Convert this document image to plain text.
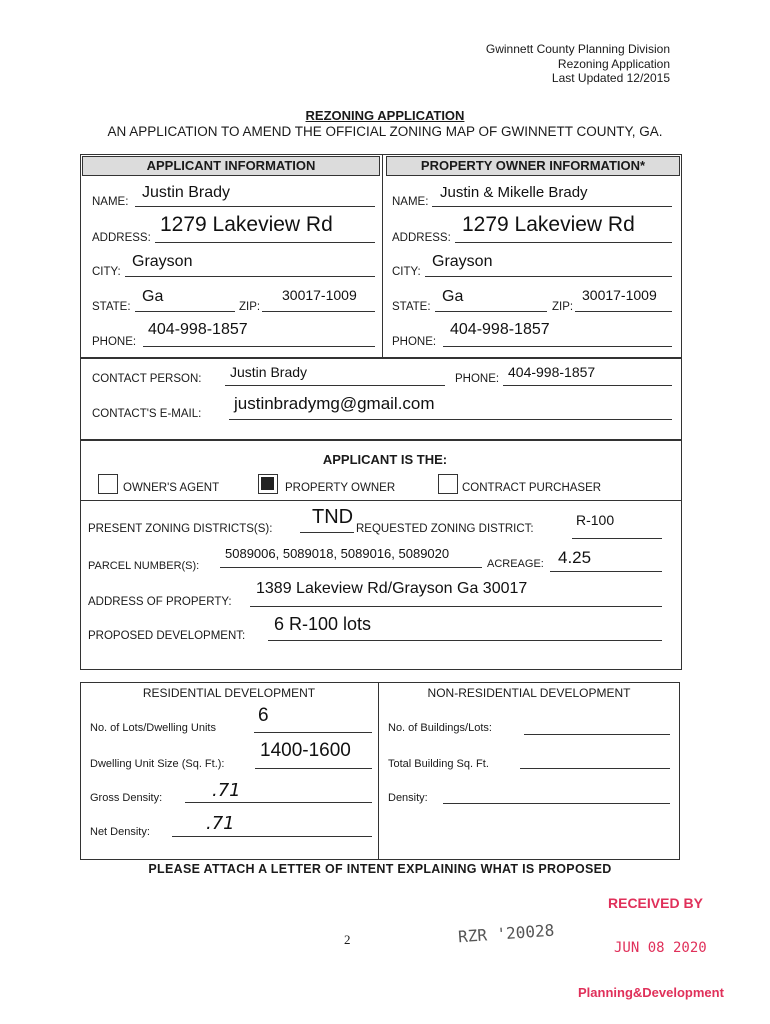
Gwinnett County Planning Division
Rezoning Application
Last Updated 12/2015
REZONING APPLICATION
AN APPLICATION TO AMEND THE OFFICIAL ZONING MAP OF GWINNETT COUNTY, GA.
APPLICANT INFORMATION	PROPERTY OWNER INFORMATION*
NAME:
Justin Brady
ADDRESS:
1279 Lakeview Rd
CITY:
Grayson
STATE:
Ga
ZIP:
30017-1009
PHONE:
404-998-1857
NAME:
Justin & Mikelle Brady
ADDRESS:
1279 Lakeview Rd
CITY:
Grayson
STATE:
Ga
ZIP:
30017-1009
PHONE:
404-998-1857
CONTACT PERSON: Justin Brady	PHONE: 404-998-1857
CONTACT'S E-MAIL:
justinbradymg@gmail.com
APPLICANT IS THE:
OWNER'S AGENT	PROPERTY OWNER	CONTRACT PURCHASER
PRESENT ZONING DISTRICTS(S):
TND
REQUESTED ZONING DISTRICT:
R-100
PARCEL NUMBER(S):
5089006, 5089018, 5089016, 5089020
ACREAGE: 4.25
ADDRESS OF PROPERTY:
1389 Lakeview Rd/Grayson Ga 30017
PROPOSED DEVELOPMENT:
6 R-100 lots
RESIDENTIAL DEVELOPMENT	NON-RESIDENTIAL DEVELOPMENT
No. of Lots/Dwelling Units
6
Dwelling Unit Size (Sq. Ft.):
1400-1600
Gross Density:	.71
Net Density:	.71
No. of Buildings/Lots:
Total Building Sq. Ft.
Density:
PLEASE ATTACH A LETTER OF INTENT EXPLAINING WHAT IS PROPOSED
2	RZR '20028
RECEIVED BY
JUN 08 2020
Planning&Development
